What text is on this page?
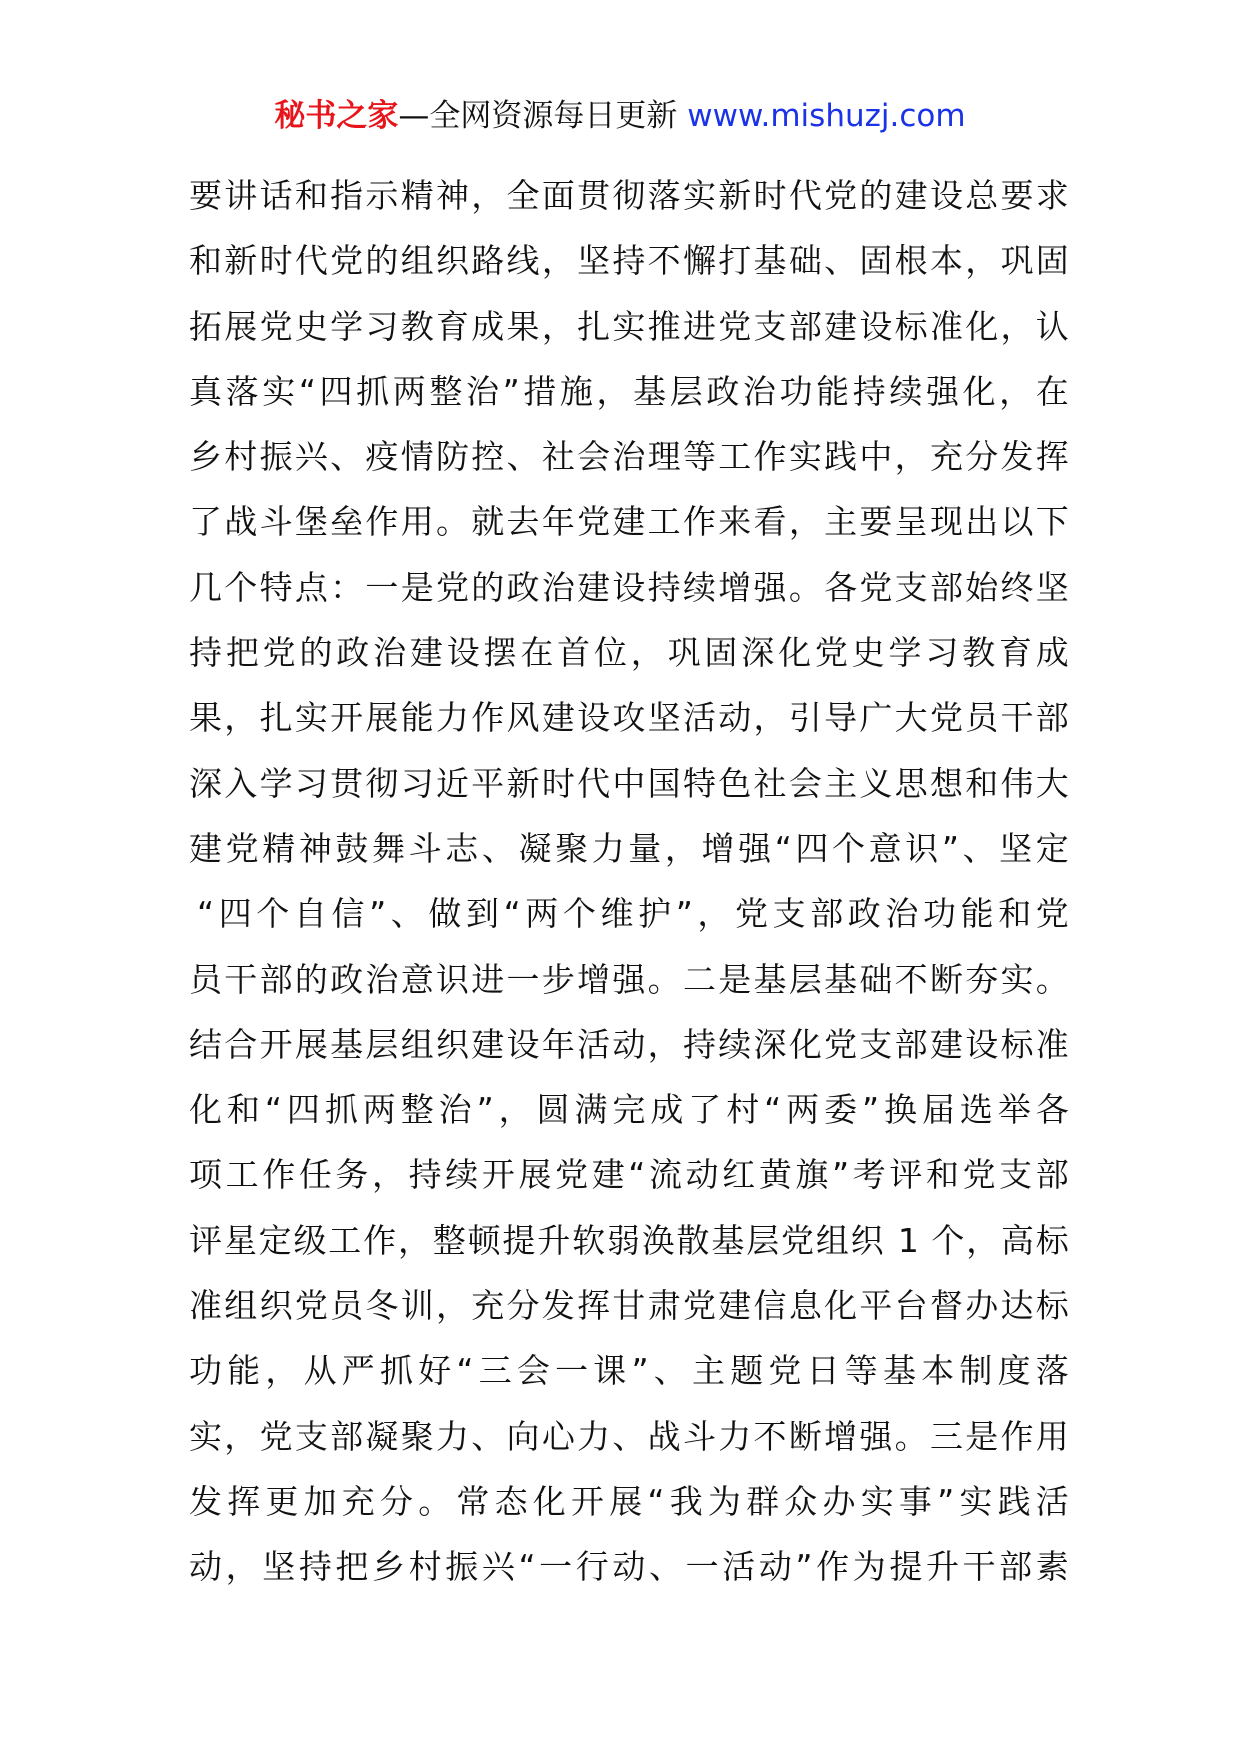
秘书之家—全网资源每日更新 www.mishuzj.com
要讲话和指示精神，全面贯彻落实新时代党的建设总要求
和新时代党的组织路线，坚持不懈打基础、固根本，巩固
拓展党史学习教育成果，扎实推进党支部建设标准化，认
真落实“四抓两整治”措施，基层政治功能持续强化，在
乡村振兴、疫情防控、社会治理等工作实践中，充分发挥
了战斗堡垒作用。就去年党建工作来看，主要呈现出以下
几个特点：一是党的政治建设持续增强。各党支部始终坚
持把党的政治建设摆在首位，巩固深化党史学习教育成
果，扎实开展能力作风建设攻坚活动，引导广大党员干部
深入学习贯彻习近平新时代中国特色社会主义思想和伟大
建党精神鼓舞斗志、凝聚力量，增强“四个意识”、坚定
“四个自信”、做到“两个维护”，党支部政治功能和党
员干部的政治意识进一步增强。二是基层基础不断夯实。
结合开展基层组织建设年活动，持续深化党支部建设标准
化和“四抓两整治”，圆满完成了村“两委”换届选举各
项工作任务，持续开展党建“流动红黄旗”考评和党支部
评星定级工作，整顿提升软弱涣散基层党组织 1 个，高标
准组织党员冬训，充分发挥甘肃党建信息化平台督办达标
功能，从严抓好“三会一课”、主题党日等基本制度落
实，党支部凝聚力、向心力、战斗力不断增强。三是作用
发挥更加充分。常态化开展“我为群众办实事”实践活
动，坚持把乡村振兴“一行动、一活动”作为提升干部素
